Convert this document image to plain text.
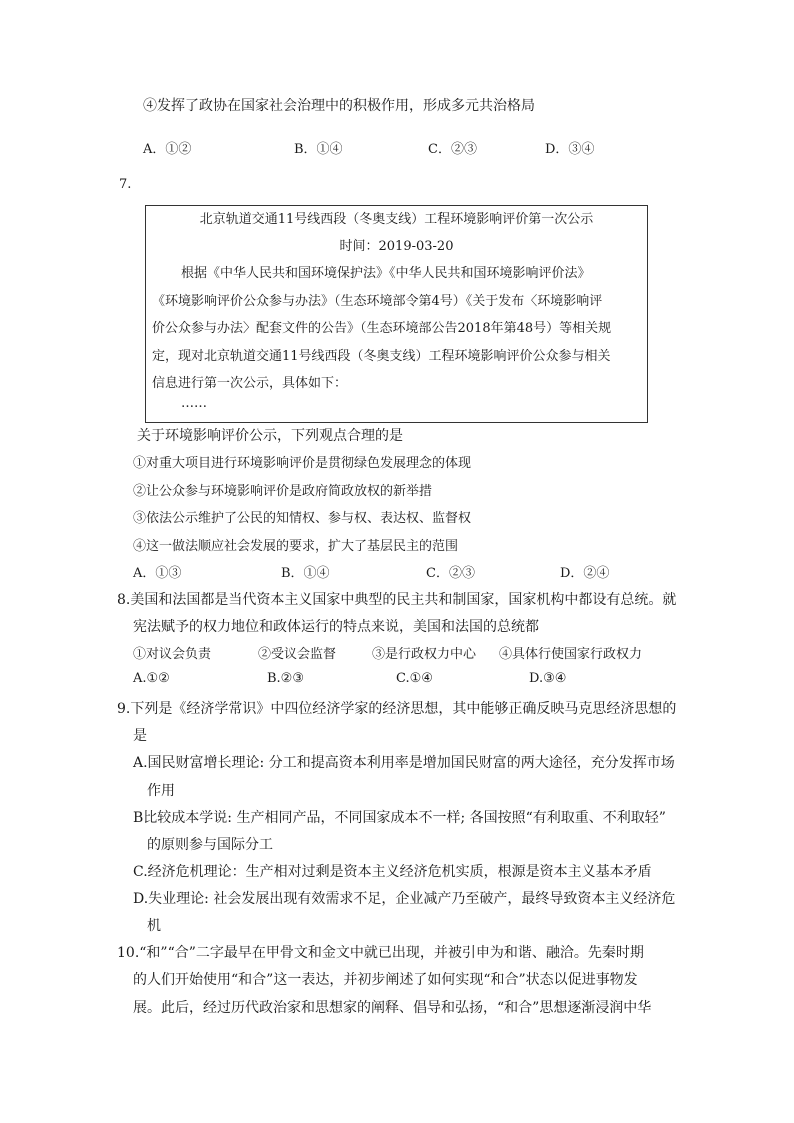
④发挥了政协在国家社会治理中的积极作用，形成多元共治格局
A．①②	B．①④	C．②③	D．③④
7.
北京轨道交通11号线西段（冬奥支线）工程环境影响评价第一次公示
时间：2019-03-20
根据《中华人民共和国环境保护法》《中华人民共和国环境影响评价法》
《环境影响评价公众参与办法》（生态环境部令第4号）《关于发布〈环境影响评
价公众参与办法〉配套文件的公告》（生态环境部公告2018年第48号）等相关规
定，现对北京轨道交通11号线西段（冬奥支线）工程环境影响评价公众参与相关
信息进行第一次公示，具体如下：
……
关于环境影响评价公示，下列观点合理的是
①对重大项目进行环境影响评价是贯彻绿色发展理念的体现
②让公众参与环境影响评价是政府简政放权的新举措
③依法公示维护了公民的知情权、参与权、表达权、监督权
④这一做法顺应社会发展的要求，扩大了基层民主的范围
A．①③	B．①④	C．②③	D．②④
8.美国和法国都是当代资本主义国家中典型的民主共和制国家，国家机构中都设有总统。就
宪法赋予的权力地位和政体运行的特点来说，美国和法国的总统都
①对议会负责	②受议会监督	③是行政权力中心 ④具体行使国家行政权力
A.①②	B.②③	C.①④	D.③④
9.下列是《经济学常识》中四位经济学家的经济思想，其中能够正确反映马克思经济思想的
是
A.国民财富增长理论: 分工和提高资本利用率是增加国民财富的两大途径，充分发挥市场
作用
B比较成本学说: 生产相同产品，不同国家成本不一样; 各国按照“有利取重、不利取轻”
的原则参与国际分工
C.经济危机理论：生产相对过剩是资本主义经济危机实质，根源是资本主义基本矛盾
D.失业理论: 社会发展出现有效需求不足，企业减产乃至破产，最终导致资本主义经济危
机
10.“和”“合”二字最早在甲骨文和金文中就已出现，并被引申为和谐、融洽。先秦时期
的人们开始使用“和合”这一表达，并初步阐述了如何实现“和合”状态以促进事物发
展。此后，经过历代政治家和思想家的阐释、倡导和弘扬，“和合”思想逐渐浸润中华
